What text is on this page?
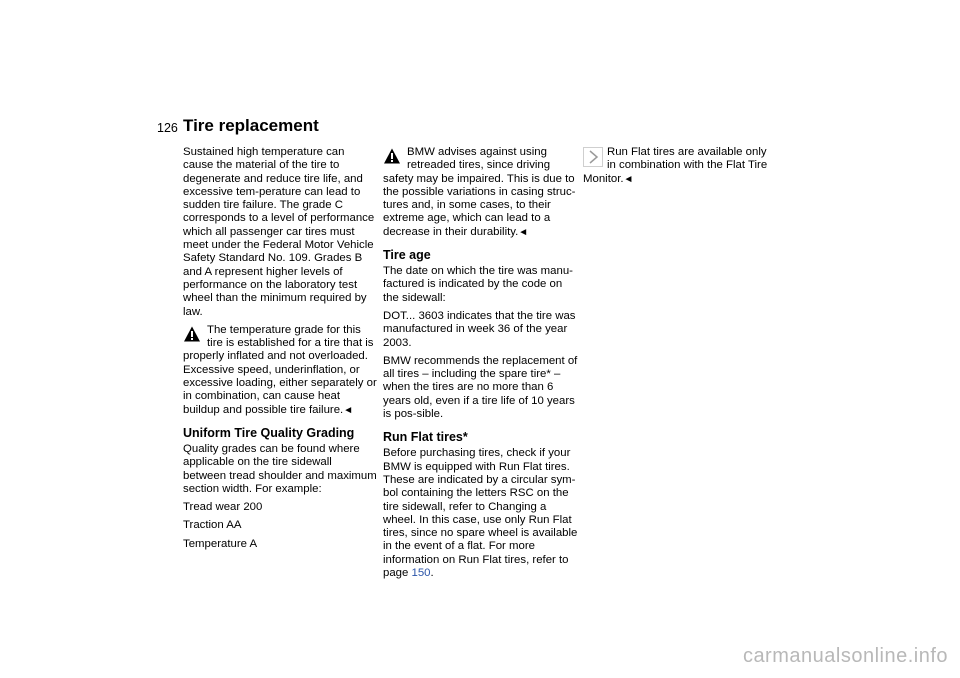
126 Tire replacement

Sustained high temperature can cause the material of the tire to degenerate and reduce tire life, and excessive tem-perature can lead to sudden tire failure. The grade C corresponds to a level of performance which all passenger car tires must meet under the Federal Motor Vehicle Safety Standard No. 109. Grades B and A represent higher levels of performance on the laboratory test wheel than the minimum required by law.

The temperature grade for this tire is established for a tire that is properly inflated and not overloaded. Excessive speed, underinflation, or excessive loading, either separately or in combination, can cause heat buildup and possible tire failure.◄
Uniform Tire Quality Grading

Quality grades can be found where applicable on the tire sidewall between tread shoulder and maximum section width. For example:

Tread wear 200

Traction AA

Temperature A

BMW advises against using retreaded tires, since driving safety may be impaired. This is due to the possible variations in casing struc-tures and, in some cases, to their extreme age, which can lead to a decrease in their durability.◄
Tire age

The date on which the tire was manu-factured is indicated by the code on the sidewall:

DOT... 3603 indicates that the tire was manufactured in week 36 of the year 2003.

BMW recommends the replacement of all tires – including the spare tire* – when the tires are no more than 6 years old, even if a tire life of 10 years is pos-sible.

Run Flat tires*

Before purchasing tires, check if your BMW is equipped with Run Flat tires. These are indicated by a circular sym-bol containing the letters RSC on the tire sidewall, refer to Changing a wheel. In this case, use only Run Flat tires, since no spare wheel is available in the event of a flat. For more information on Run Flat tires, refer to page 150.

Run Flat tires are available only in combination with the Flat Tire Monitor.◄
carmanualsonline.info
